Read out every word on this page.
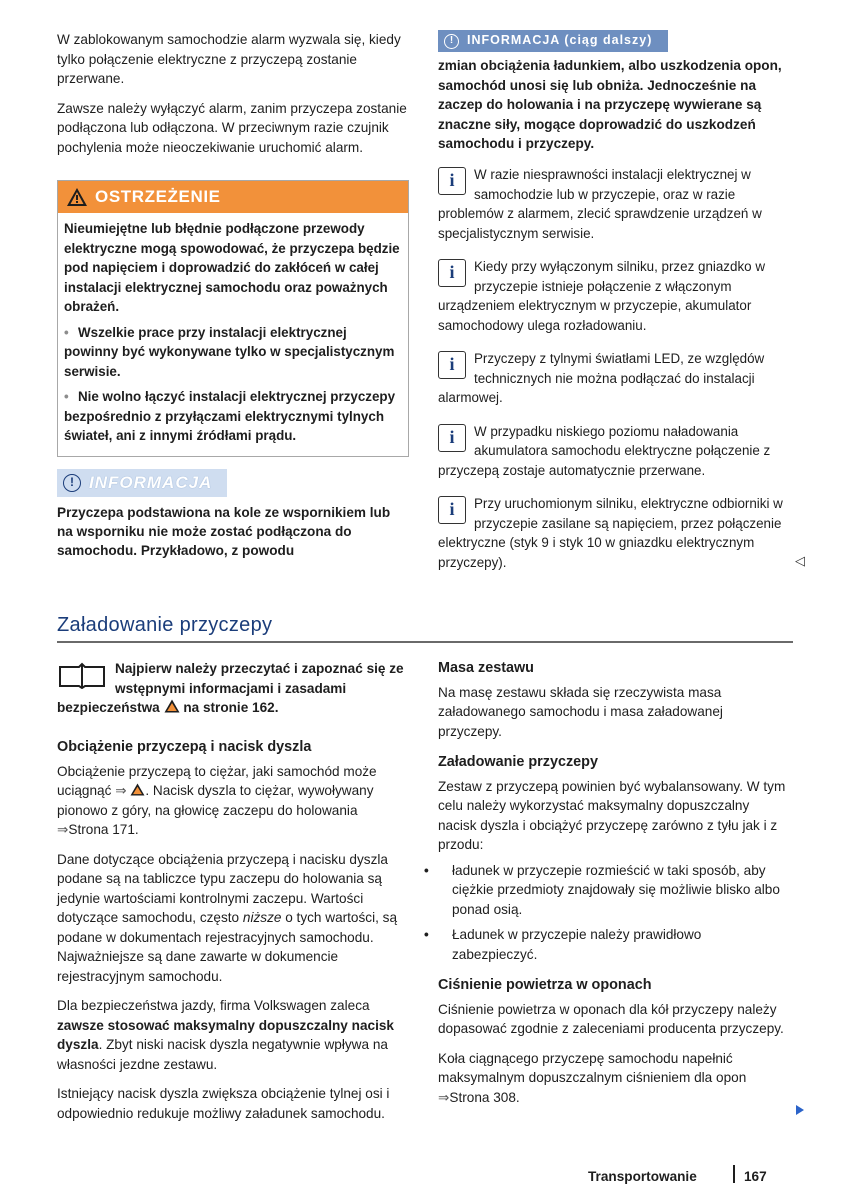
W zablokowanym samochodzie alarm wyzwala się, kiedy tylko połączenie elektryczne z przyczepą zostanie przerwane.

Zawsze należy wyłączyć alarm, zanim przyczepa zostanie podłączona lub odłączona. W przeciwnym razie czujnik pochylenia może nieoczekiwanie uruchomić alarm.

OSTRZEŻENIE

Nieumiejętne lub błędnie podłączone przewody elektryczne mogą spowodować, że przyczepa będzie pod napięciem i doprowadzić do zakłóceń w całej instalacji elektrycznej samochodu oraz poważnych obrażeń.

• Wszelkie prace przy instalacji elektrycznej powinny być wykonywane tylko w specjalistycznym serwisie.

• Nie wolno łączyć instalacji elektrycznej przyczepy bezpośrednio z przyłączami elektrycznymi tylnych świateł, ani z innymi źródłami prądu.

! INFORMACJA
Przyczepa podstawiona na kole ze wspornikiem lub na wsporniku nie może zostać podłączona do samochodu. Przykładowo, z powodu
!	INFORMACJA (ciąg dalszy)
zmian obciążenia ładunkiem, albo uszkodzenia opon, samochód unosi się lub obniża. Jednocześnie na zaczep do holowania i na przyczepę wywierane są znaczne siły, mogące doprowadzić do uszkodzeń samochodu i przyczepy.
i	W razie niesprawności instalacji elektrycznej w samochodzie lub w przyczepie, oraz w razie problemów z alarmem, zlecić sprawdzenie urządzeń w specjalistycznym serwisie.

i	Kiedy przy wyłączonym silniku, przez gniazdko w przyczepie istnieje połączenie z włączonym urządzeniem elektrycznym w przyczepie, akumulator samochodowy ulega rozładowaniu.

i	Przyczepy z tylnymi światłami LED, ze względów technicznych nie można podłączać do instalacji alarmowej.

i	W przypadku niskiego poziomu naładowania akumulatora samochodu elektryczne połączenie z przyczepą zostaje automatycznie przerwane.

i	Przy uruchomionym silniku, elektryczne odbiorniki w przyczepie zasilane są napięciem, przez połączenie elektryczne (styk 9 i styk 10 w gniazdku elektrycznym przyczepy).	◁
Załadowanie przyczepy

Najpierw należy przeczytać i zapoznać się ze wstępnymi informacjami i zasadami bezpieczeństwa na stronie 162.

Obciążenie przyczepą i nacisk dyszla

Obciążenie przyczepą to ciężar, jaki samochód może uciągnąć ⇒ . Nacisk dyszla to ciężar, wywoływany pionowo z góry, na głowicę zaczepu do holowania ⇒Strona 171.

Dane dotyczące obciążenia przyczepą i nacisku dyszla podane są na tabliczce typu zaczepu do holowania są jedynie wartościami kontrolnymi zaczepu. Wartości dotyczące samochodu, często niższe o tych wartości, są podane w dokumentach rejestracyjnych samochodu. Najważniejsze są dane zawarte w dokumencie rejestracyjnym samochodu.

Dla bezpieczeństwa jazdy, firma Volkswagen zaleca zawsze stosować maksymalny dopuszczalny nacisk dyszla. Zbyt niski nacisk dyszla negatywnie wpływa na własności jezdne zestawu.

Istniejący nacisk dyszla zwiększa obciążenie tylnej osi i odpowiednio redukuje możliwy załadunek samochodu.

Masa zestawu

Na masę zestawu składa się rzeczywista masa załadowanego samochodu i masa załadowanej przyczepy.

Załadowanie przyczepy

Zestaw z przyczepą powinien być wybalansowany. W tym celu należy wykorzystać maksymalny dopuszczalny nacisk dyszla i obciążyć przyczepę zarówno z tyłu jak i z przodu:

• ładunek w przyczepie rozmieścić w taki sposób, aby ciężkie przedmioty znajdowały się możliwie blisko albo ponad osią.

• Ładunek w przyczepie należy prawidłowo zabezpieczyć.

Ciśnienie powietrza w oponach

Ciśnienie powietrza w oponach dla kół przyczepy należy dopasować zgodnie z zaleceniami producenta przyczepy.

Koła ciągnącego przyczepę samochodu napełnić maksymalnym dopuszczalnym ciśnieniem dla opon ⇒Strona 308.

Transportowanie	167
